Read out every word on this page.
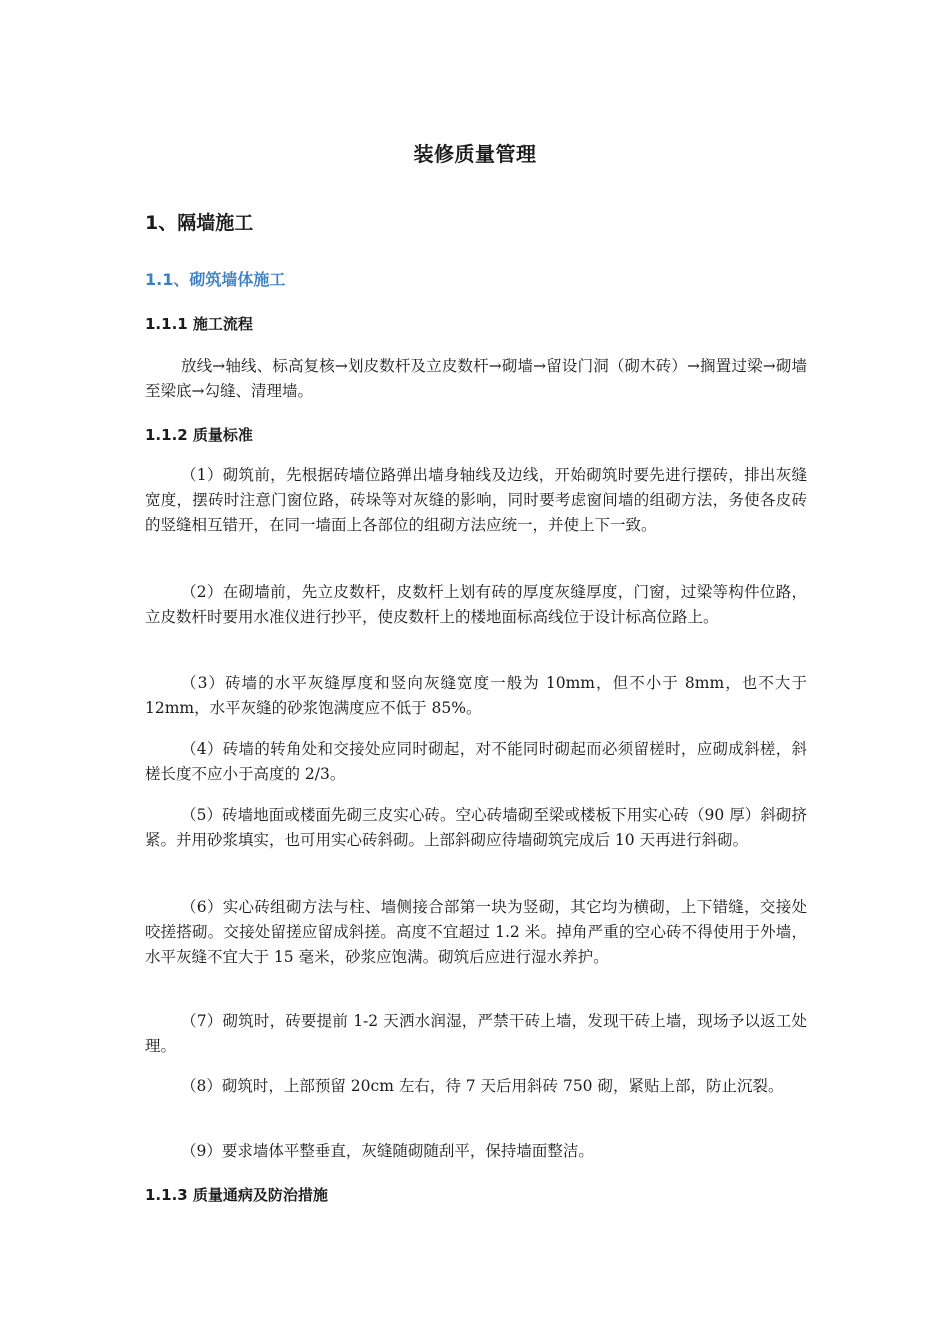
装修质量管理
1、隔墙施工
1.1、砌筑墙体施工
1.1.1 施工流程

放线→轴线、标高复核→划皮数杆及立皮数杆→砌墙→留设门洞（砌木砖）→搁置过梁→砌墙至梁底→勾缝、清理墙。

1.1.2 质量标准

（1）砌筑前，先根据砖墙位路弹出墙身轴线及边线，开始砌筑时要先进行摆砖，排出灰缝宽度，摆砖时注意门窗位路，砖垛等对灰缝的影响，同时要考虑窗间墙的组砌方法，务使各皮砖的竖缝相互错开，在同一墙面上各部位的组砌方法应统一，并使上下一致。

（2）在砌墙前，先立皮数杆，皮数杆上划有砖的厚度灰缝厚度，门窗，过梁等构件位路，立皮数杆时要用水准仪进行抄平，使皮数杆上的楼地面标高线位于设计标高位路上。

（3）砖墙的水平灰缝厚度和竖向灰缝宽度一般为 10mm，但不小于 8mm，也不大于 12mm，水平灰缝的砂浆饱满度应不低于 85%。

（4）砖墙的转角处和交接处应同时砌起，对不能同时砌起而必须留槎时，应砌成斜槎，斜槎长度不应小于高度的 2/3。

（5）砖墙地面或楼面先砌三皮实心砖。空心砖墙砌至梁或楼板下用实心砖（90 厚）斜砌挤紧。并用砂浆填实，也可用实心砖斜砌。上部斜砌应待墙砌筑完成后 10 天再进行斜砌。

（6）实心砖组砌方法与柱、墙侧接合部第一块为竖砌，其它均为横砌，上下错缝，交接处咬搓搭砌。交接处留搓应留成斜搓。高度不宜超过 1.2 米。掉角严重的空心砖不得使用于外墙，水平灰缝不宜大于 15 毫米，砂浆应饱满。砌筑后应进行湿水养护。

（7）砌筑时，砖要提前 1-2 天洒水润湿，严禁干砖上墙，发现干砖上墙，现场予以返工处理。

（8）砌筑时，上部预留 20cm 左右，待 7 天后用斜砖 750 砌，紧贴上部，防止沉裂。

（9）要求墙体平整垂直，灰缝随砌随刮平，保持墙面整洁。

1.1.3 质量通病及防治措施
